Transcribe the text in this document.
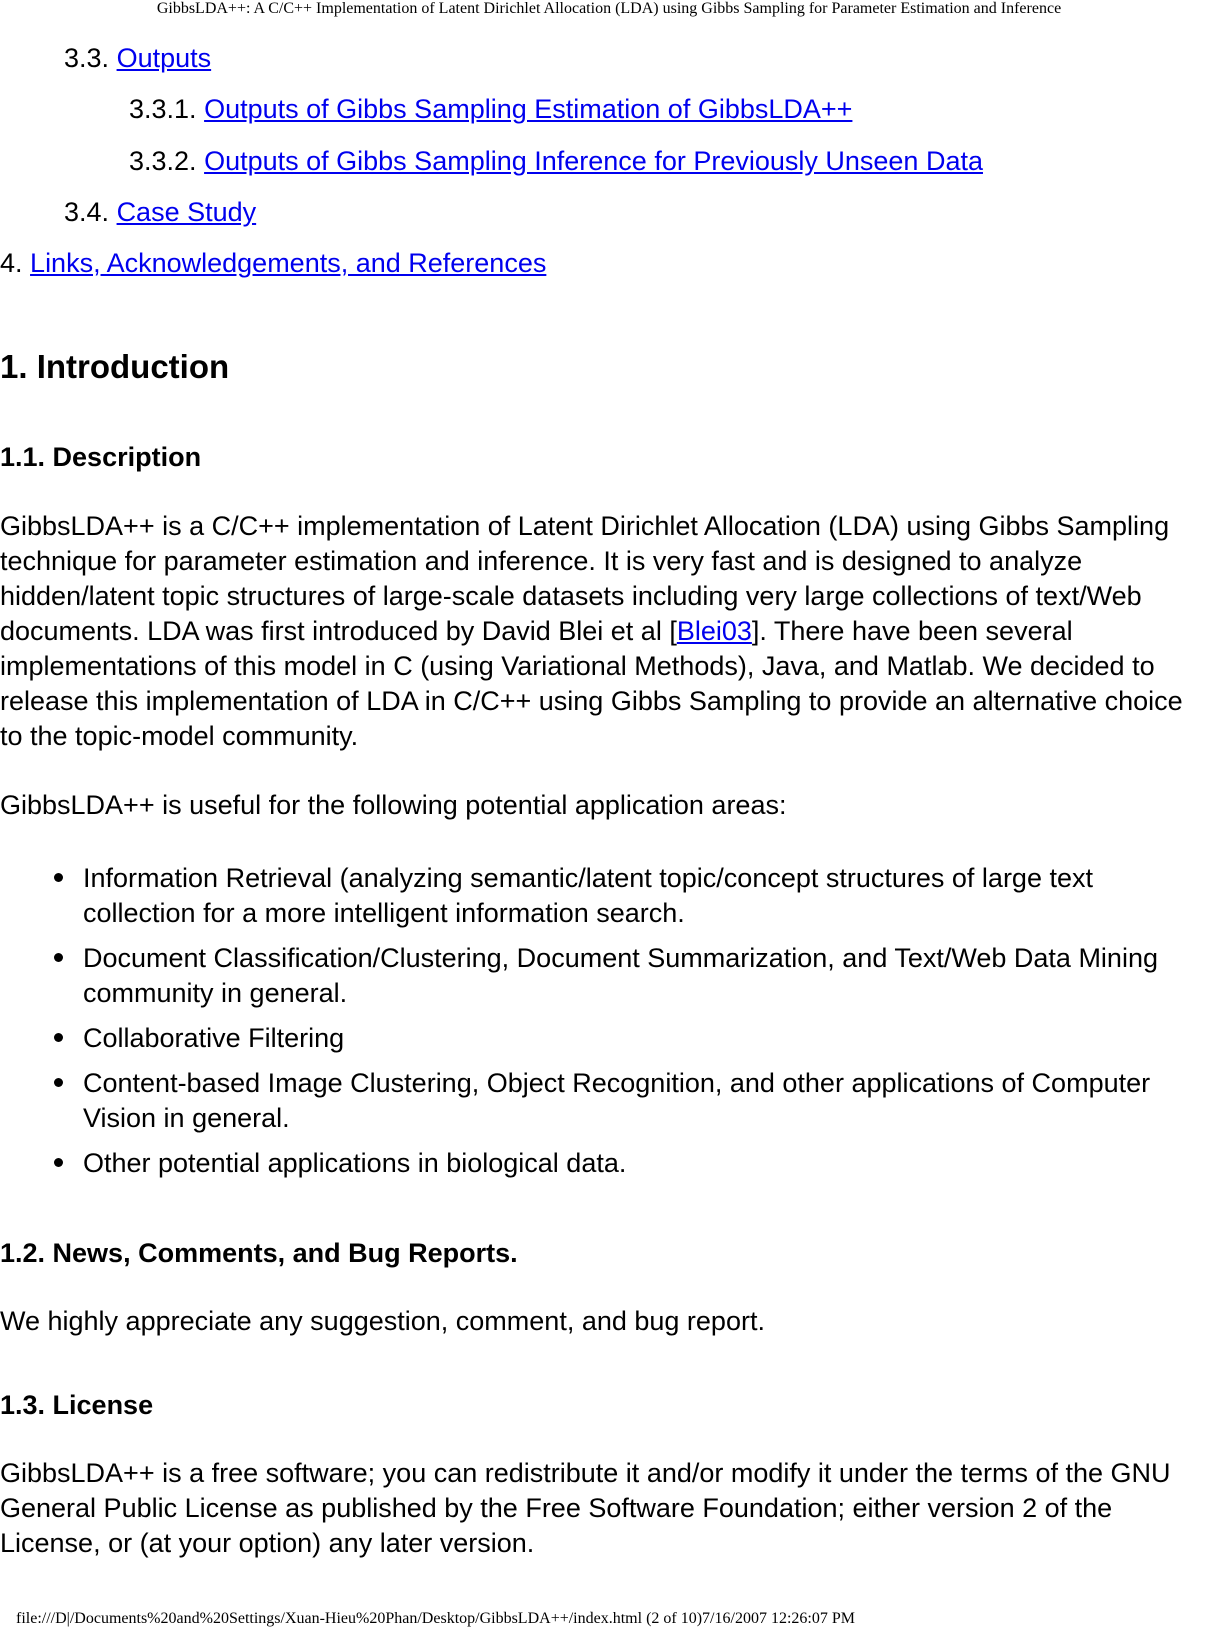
GibbsLDA++: A C/C++ Implementation of Latent Dirichlet Allocation (LDA) using Gibbs Sampling for Parameter Estimation and Inference
3.3. Outputs
3.3.1. Outputs of Gibbs Sampling Estimation of GibbsLDA++
3.3.2. Outputs of Gibbs Sampling Inference for Previously Unseen Data
3.4. Case Study
4. Links, Acknowledgements, and References
1. Introduction
1.1. Description

GibbsLDA++ is a C/C++ implementation of Latent Dirichlet Allocation (LDA) using Gibbs Sampling technique for parameter estimation and inference. It is very fast and is designed to analyze hidden/latent topic structures of large-scale datasets including very large collections of text/Web documents. LDA was first introduced by David Blei et al [Blei03]. There have been several implementations of this model in C (using Variational Methods), Java, and Matlab. We decided to release this implementation of LDA in C/C++ using Gibbs Sampling to provide an alternative choice to the topic-model community.

GibbsLDA++ is useful for the following potential application areas:

Information Retrieval (analyzing semantic/latent topic/concept structures of large text collection for a more intelligent information search.
Document Classification/Clustering, Document Summarization, and Text/Web Data Mining community in general.
Collaborative Filtering
Content-based Image Clustering, Object Recognition, and other applications of Computer Vision in general.
Other potential applications in biological data.
1.2. News, Comments, and Bug Reports.

We highly appreciate any suggestion, comment, and bug report.

1.3. License

GibbsLDA++ is a free software; you can redistribute it and/or modify it under the terms of the GNU General Public License as published by the Free Software Foundation; either version 2 of the License, or (at your option) any later version.

file:///D|/Documents%20and%20Settings/Xuan-Hieu%20Phan/Desktop/GibbsLDA++/index.html (2 of 10)7/16/2007 12:26:07 PM
